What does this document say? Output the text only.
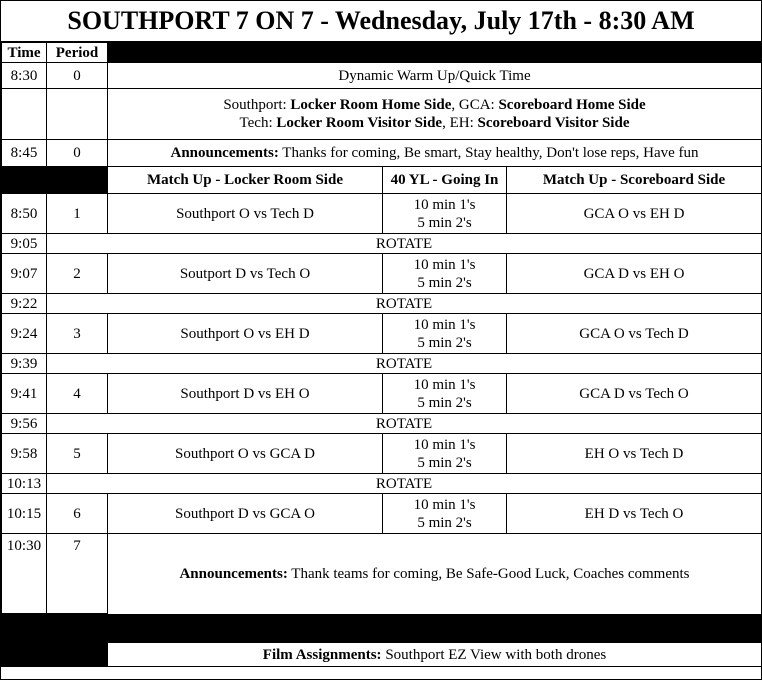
SOUTHPORT 7 ON 7 - Wednesday, July 17th - 8:30 AM
Time	Period			
8:30	0	Dynamic Warm Up/Quick Time		

		Southport: Locker Room Home Side, GCA: Scoreboard Home Side
Tech: Locker Room Visitor Side, EH: Scoreboard Visitor Side		

8:45	0	Announcements: Thanks for coming, Be smart, Stay healthy, Don't lose reps, Have fun		
		Match Up - Locker Room Side	40 YL - Going In	Match Up - Scoreboard Side
8:50	1	Southport O vs Tech D	10 min 1's
5 min 2's	GCA O vs EH D
9:05	ROTATE			
9:07	2	Soutport D vs Tech O	10 min 1's
5 min 2's	GCA D vs EH O
9:22	ROTATE			
9:24	3	Southport O vs EH D	10 min 1's
5 min 2's	GCA O vs Tech D
9:39	ROTATE			
9:41	4	Southport D vs EH O	10 min 1's
5 min 2's	GCA D vs Tech O
9:56	ROTATE			
9:58	5	Southport O vs GCA D	10 min 1's
5 min 2's	EH O vs Tech D
10:13	ROTATE			
10:15	6	Southport D vs GCA O	10 min 1's
5 min 2's	EH D vs Tech O
10:30	7	Announcements: Thank teams for coming, Be Safe-Good Luck, Coaches comments		

		Film Assignments: Southport EZ View with both drones		
